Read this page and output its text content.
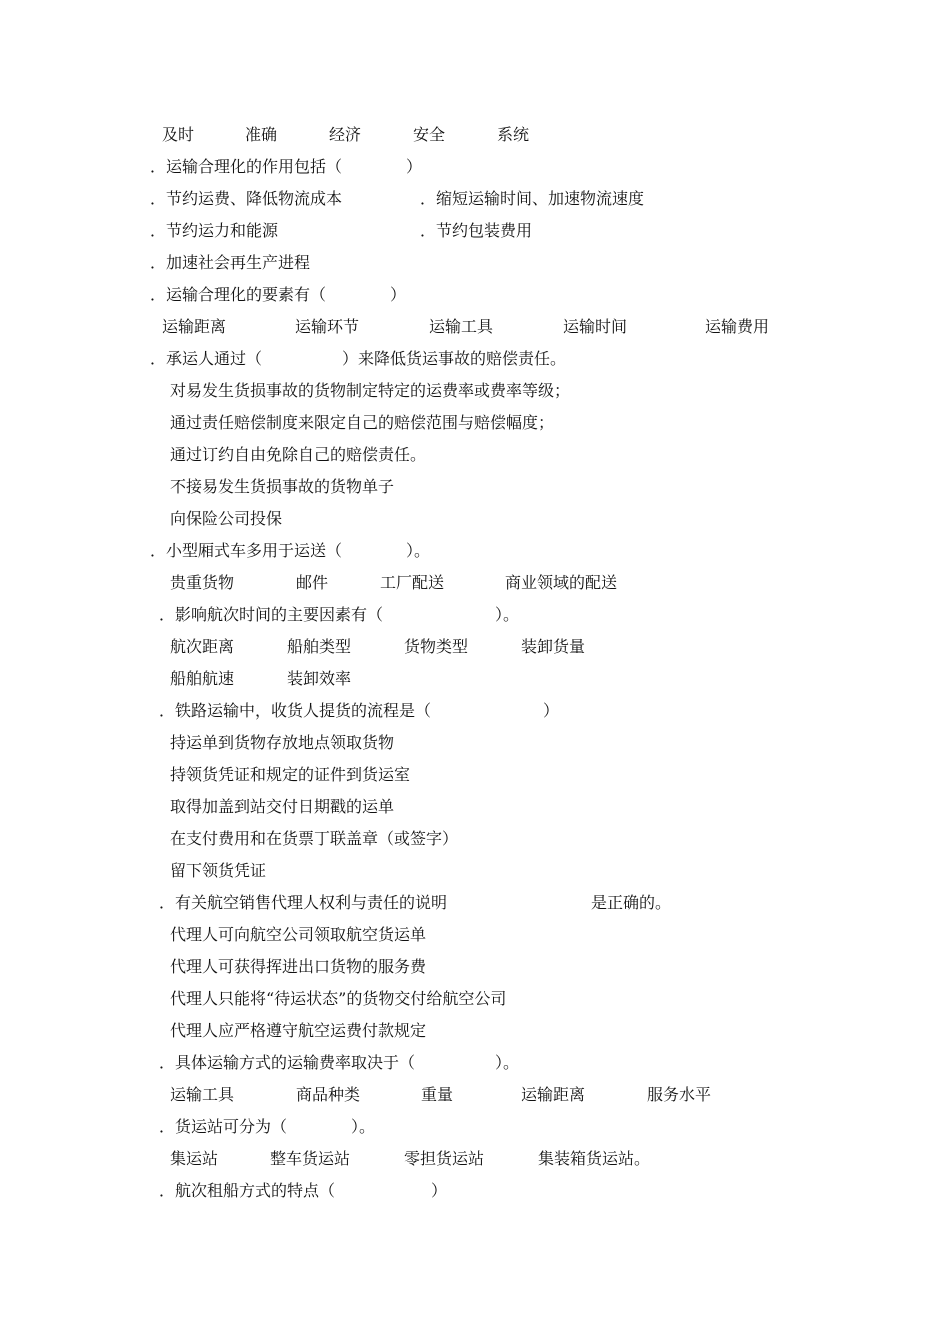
及时	准确	经济	安全	系统
．运输合理化的作用包括（　　　　）
．节约运费、降低物流成本	．缩短运输时间、加速物流速度
．节约运力和能源	．节约包装费用
．加速社会再生产进程
．运输合理化的要素有（　　　　）
运输距离	运输环节	运输工具	运输时间	运输费用
．承运人通过（　　　　　）来降低货运事故的赔偿责任。
对易发生货损事故的货物制定特定的运费率或费率等级；
通过责任赔偿制度来限定自己的赔偿范围与赔偿幅度；
通过订约自由免除自己的赔偿责任。
不接易发生货损事故的货物单子
向保险公司投保
．小型厢式车多用于运送（　　　　）。
贵重货物	邮件	工厂配送	商业领域的配送
．影响航次时间的主要因素有（　　　　　　　）。
航次距离	船舶类型	货物类型	装卸货量
船舶航速	装卸效率
．铁路运输中，收货人提货的流程是（　　　　　　　）
持运单到货物存放地点领取货物
持领货凭证和规定的证件到货运室
取得加盖到站交付日期戳的运单
在支付费用和在货票丁联盖章（或签字）
留下领货凭证
．有关航空销售代理人权利与责任的说明　　　　　　　　　是正确的。
代理人可向航空公司领取航空货运单
代理人可获得挥进出口货物的服务费
代理人只能将“待运状态”的货物交付给航空公司
代理人应严格遵守航空运费付款规定
．具体运输方式的运输费率取决于（　　　　　）。
运输工具	商品种类	重量	运输距离	服务水平
．货运站可分为（　　　　）。
集运站	整车货运站	零担货运站	集装箱货运站。
．航次租船方式的特点（　　　　　　）
